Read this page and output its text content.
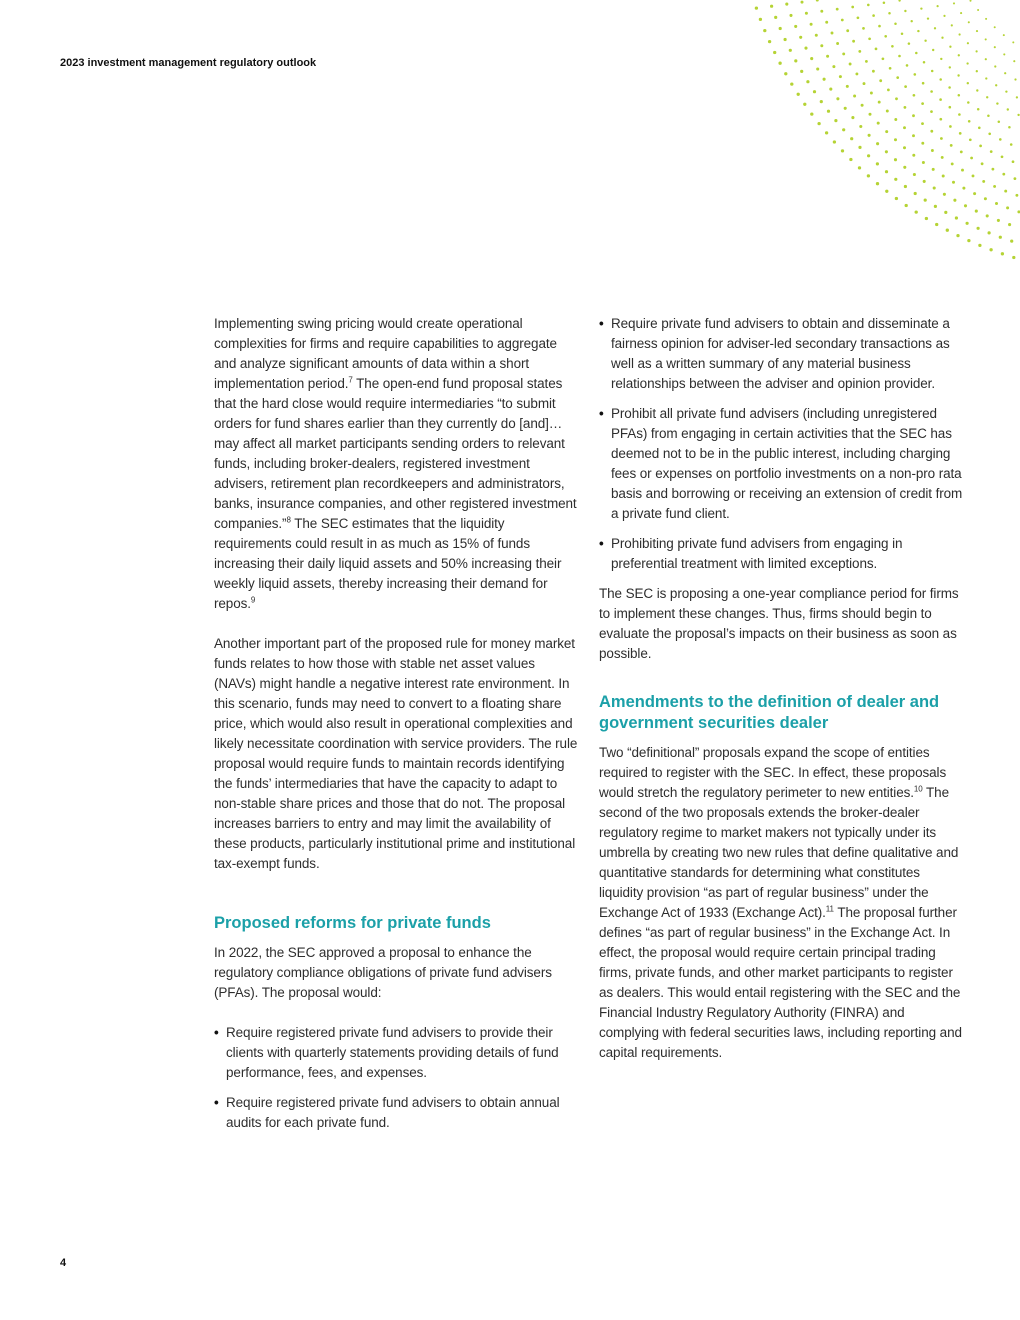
2023 investment management regulatory outlook

Implementing swing pricing would create operational complexities for firms and require capabilities to aggregate and analyze significant amounts of data within a short implementation period.$^7$ The open-end fund proposal states that the hard close would require intermediaries “to submit orders for fund shares earlier than they currently do [and]…may affect all market participants sending orders to relevant funds, including broker-dealers, registered investment advisers, retirement plan recordkeepers and administrators, banks, insurance companies, and other registered investment companies.”$^8$ The SEC estimates that the liquidity requirements could result in as much as 15% of funds increasing their daily liquid assets and 50% increasing their weekly liquid assets, thereby increasing their demand for repos.$^9$

Another important part of the proposed rule for money market funds relates to how those with stable net asset values (NAVs) might handle a negative interest rate environment. In this scenario, funds may need to convert to a floating share price, which would also result in operational complexities and likely necessitate coordination with service providers. The rule proposal would require funds to maintain records identifying the funds’ intermediaries that have the capacity to adapt to non-stable share prices and those that do not. The proposal increases barriers to entry and may limit the availability of these products, particularly institutional prime and institutional tax-exempt funds.

Proposed reforms for private funds

In 2022, the SEC approved a proposal to enhance the regulatory compliance obligations of private fund advisers (PFAs). The proposal would:

• Require registered private fund advisers to provide their clients with quarterly statements providing details of fund performance, fees, and expenses.
• Require registered private fund advisers to obtain annual audits for each private fund.
• Require private fund advisers to obtain and disseminate a fairness opinion for adviser-led secondary transactions as well as a written summary of any material business relationships between the adviser and opinion provider.
• Prohibit all private fund advisers (including unregistered PFAs) from engaging in certain activities that the SEC has deemed not to be in the public interest, including charging fees or expenses on portfolio investments on a non-pro rata basis and borrowing or receiving an extension of credit from a private fund client.
• Prohibiting private fund advisers from engaging in preferential treatment with limited exceptions.

The SEC is proposing a one-year compliance period for firms to implement these changes. Thus, firms should begin to evaluate the proposal’s impacts on their business as soon as possible.

Amendments to the definition of dealer and government securities dealer

Two “definitional” proposals expand the scope of entities required to register with the SEC. In effect, these proposals would stretch the regulatory perimeter to new entities.$^{10}$ The second of the two proposals extends the broker-dealer regulatory regime to market makers not typically under its umbrella by creating two new rules that define qualitative and quantitative standards for determining what constitutes liquidity provision “as part of regular business” under the Exchange Act of 1933 (Exchange Act).$^{11}$ The proposal further defines “as part of regular business” in the Exchange Act. In effect, the proposal would require certain principal trading firms, private funds, and other market participants to register as dealers. This would entail registering with the SEC and the Financial Industry Regulatory Authority (FINRA) and complying with federal securities laws, including reporting and capital requirements.

4
